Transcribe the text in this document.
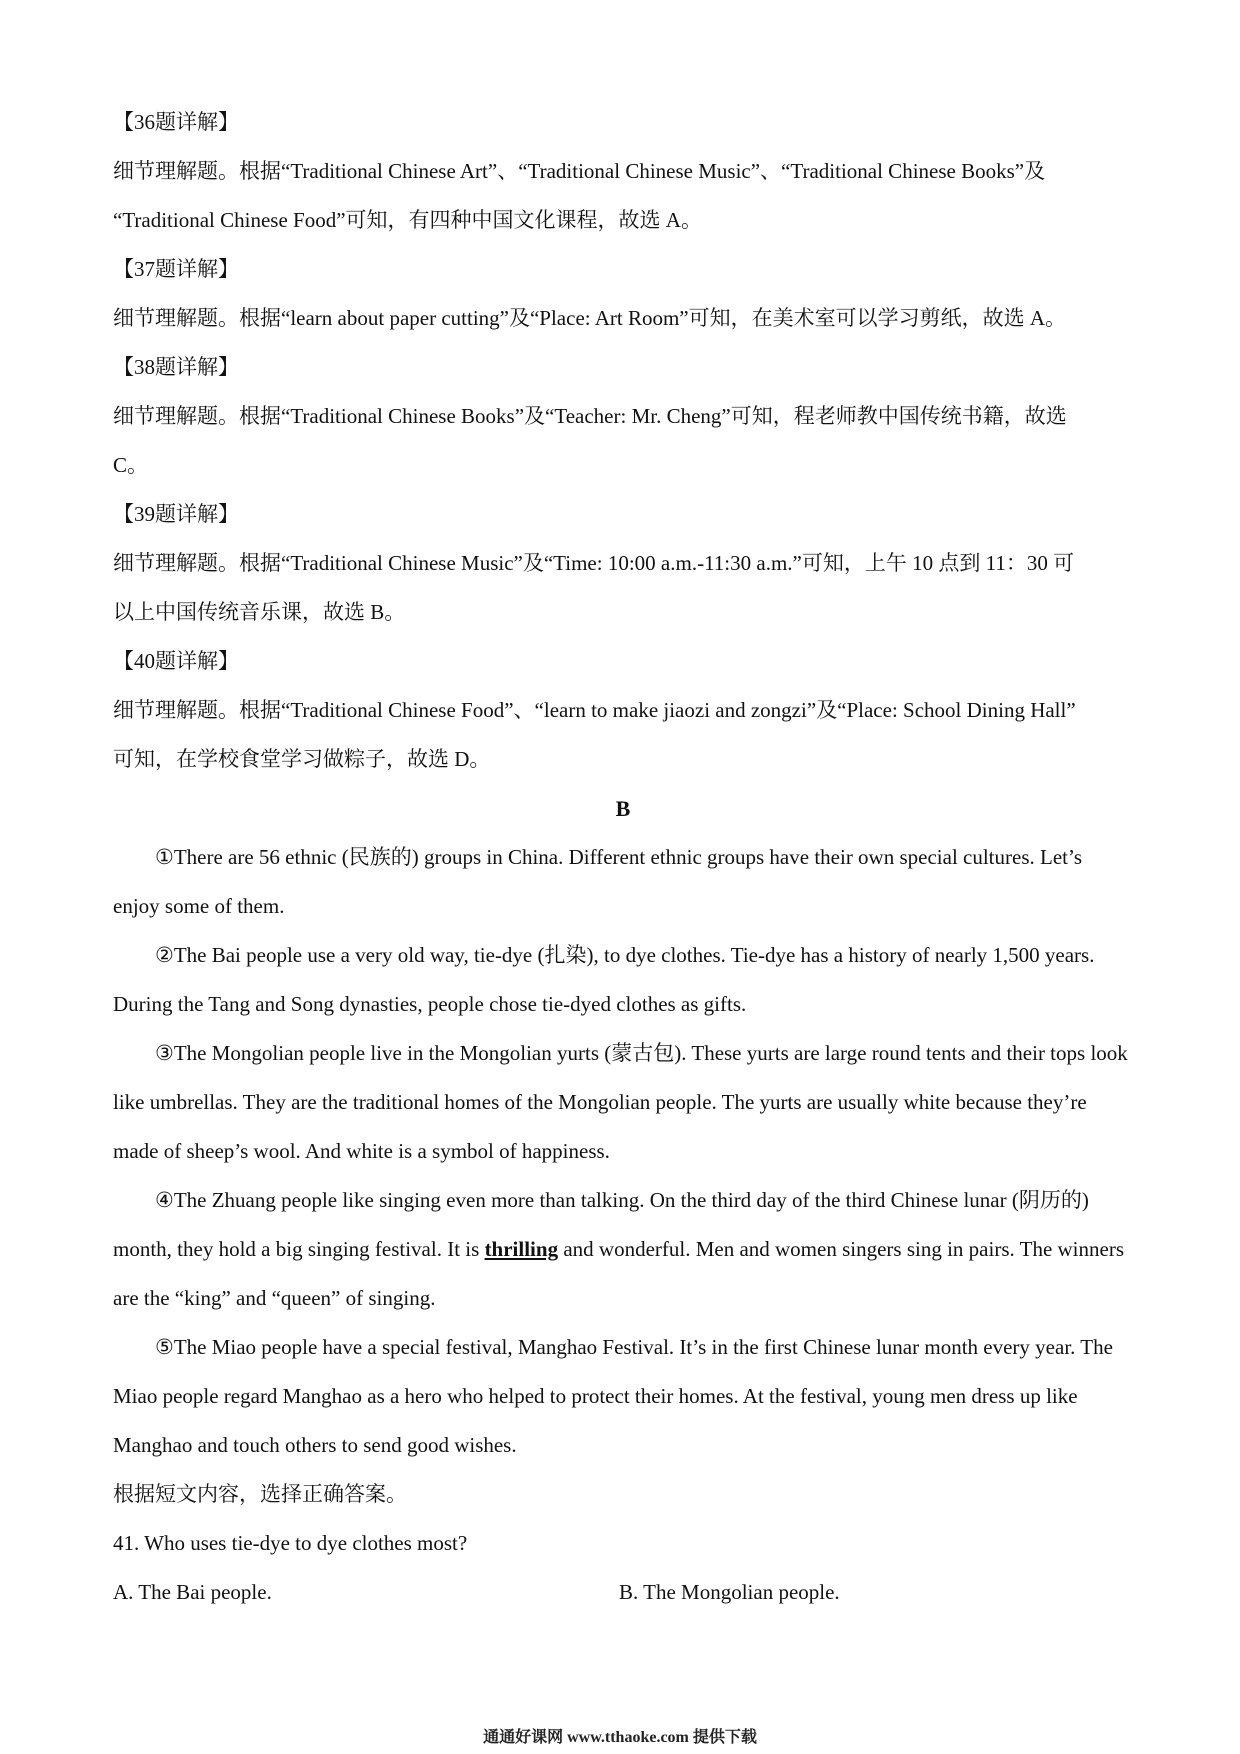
【36题详解】

细节理解题。根据“Traditional Chinese Art”、“Traditional Chinese Music”、“Traditional Chinese Books”及

“Traditional Chinese Food”可知，有四种中国文化课程，故选 A。

【37题详解】

细节理解题。根据“learn about paper cutting”及“Place: Art Room”可知，在美术室可以学习剪纸，故选 A。

【38题详解】

细节理解题。根据“Traditional Chinese Books”及“Teacher: Mr. Cheng”可知，程老师教中国传统书籍，故选

C。

【39题详解】

细节理解题。根据“Traditional Chinese Music”及“Time: 10:00 a.m.-11:30 a.m.”可知，上午 10 点到 11：30 可

以上中国传统音乐课，故选 B。

【40题详解】

细节理解题。根据“Traditional Chinese Food”、“learn to make jiaozi and zongzi”及“Place: School Dining Hall”

可知，在学校食堂学习做粽子，故选 D。

B

①There are 56 ethnic (民族的) groups in China. Different ethnic groups have their own special cultures. Let’s enjoy some of them.

②The Bai people use a very old way, tie-dye (扎染), to dye clothes. Tie-dye has a history of nearly 1,500 years. During the Tang and Song dynasties, people chose tie-dyed clothes as gifts.

③The Mongolian people live in the Mongolian yurts (蒙古包). These yurts are large round tents and their tops look like umbrellas. They are the traditional homes of the Mongolian people. The yurts are usually white because they’re made of sheep’s wool. And white is a symbol of happiness.

④The Zhuang people like singing even more than talking. On the third day of the third Chinese lunar (阴历的) month, they hold a big singing festival. It is thrilling and wonderful. Men and women singers sing in pairs. The winners are the “king” and “queen” of singing.

⑤The Miao people have a special festival, Manghao Festival. It’s in the first Chinese lunar month every year. The Miao people regard Manghao as a hero who helped to protect their homes. At the festival, young men dress up like Manghao and touch others to send good wishes.

根据短文内容，选择正确答案。

41. Who uses tie-dye to dye clothes most?

A. The Bai people.	B. The Mongolian people.
通通好课网 www.tthaoke.com 提供下载
